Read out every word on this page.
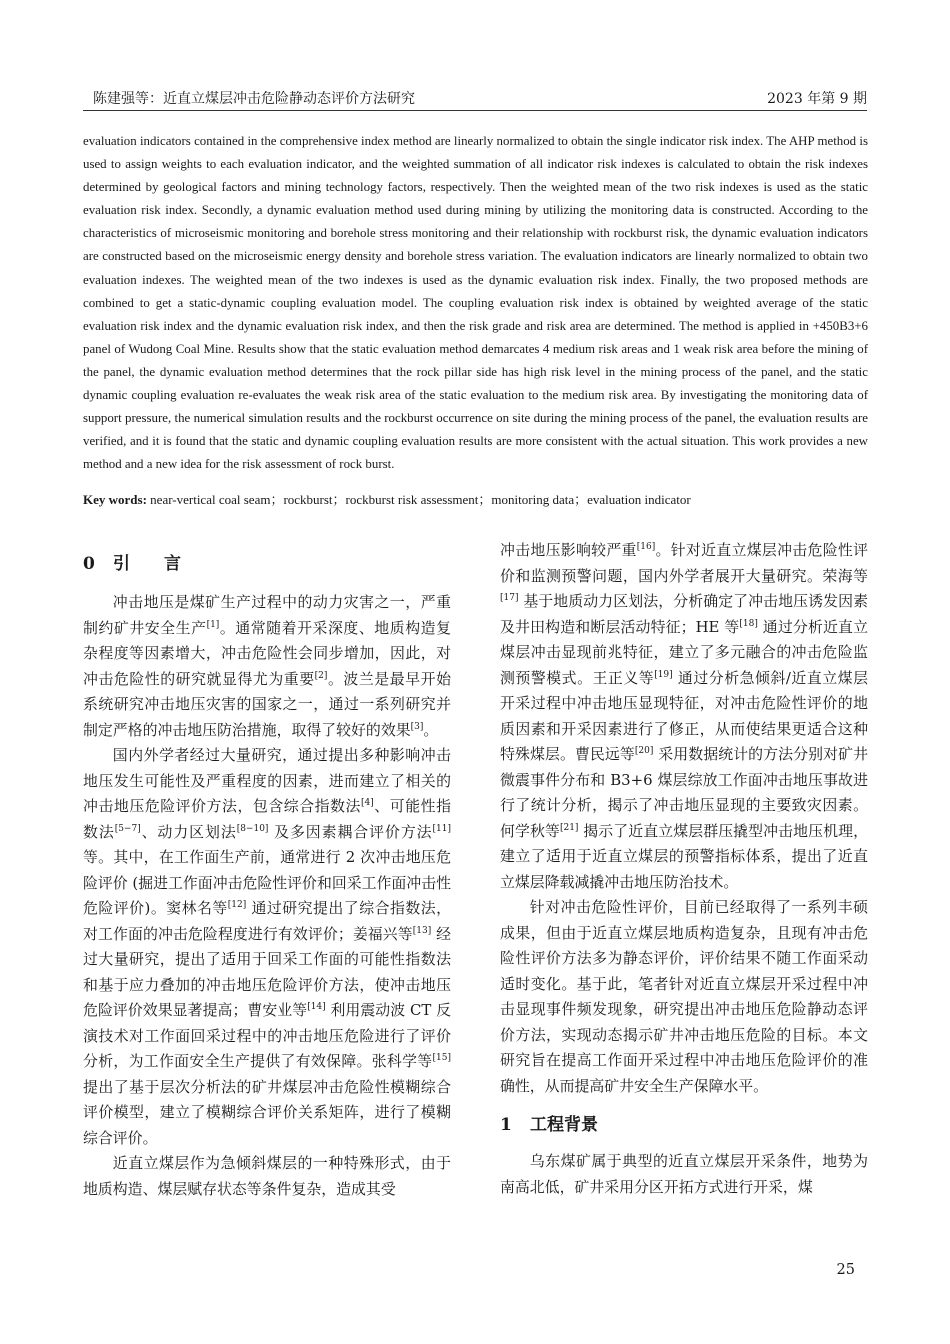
陈建强等：近直立煤层冲击危险静动态评价方法研究	2023 年第 9 期

evaluation indicators contained in the comprehensive index method are linearly normalized to obtain the single indicator risk index. The AHP method is used to assign weights to each evaluation indicator, and the weighted summation of all indicator risk indexes is calculated to obtain the risk indexes determined by geological factors and mining technology factors, respectively. Then the weighted mean of the two risk indexes is used as the static evaluation risk index. Secondly, a dynamic evaluation method used during mining by utilizing the monitoring data is constructed. According to the characteristics of microseismic monitoring and borehole stress monitoring and their relationship with rockburst risk, the dynamic evaluation indicators are constructed based on the microseismic energy density and borehole stress variation. The evaluation indicators are linearly normalized to obtain two evaluation indexes. The weighted mean of the two indexes is used as the dynamic evaluation risk index. Finally, the two proposed methods are combined to get a static-dynamic coupling evaluation model. The coupling evaluation risk index is obtained by weighted average of the static evaluation risk index and the dynamic evaluation risk index, and then the risk grade and risk area are determined. The method is applied in +450B3+6 panel of Wudong Coal Mine. Results show that the static evaluation method demarcates 4 medium risk areas and 1 weak risk area before the mining of the panel, the dynamic evaluation method determines that the rock pillar side has high risk level in the mining process of the panel, and the static dynamic coupling evaluation re-evaluates the weak risk area of the static evaluation to the medium risk area. By investigating the monitoring data of support pressure, the numerical simulation results and the rockburst occurrence on site during the mining process of the panel, the evaluation results are verified, and it is found that the static and dynamic coupling evaluation results are more consistent with the actual situation. This work provides a new method and a new idea for the risk assessment of rock burst.

Key words: near-vertical coal seam；rockburst；rockburst risk assessment；monitoring data；evaluation indicator

0 引　　言

冲击地压是煤矿生产过程中的动力灾害之一，严重制约矿井安全生产[1]。通常随着开采深度、地质构造复杂程度等因素增大，冲击危险性会同步增加，因此，对冲击危险性的研究就显得尤为重要[2]。波兰是最早开始系统研究冲击地压灾害的国家之一，通过一系列研究并制定严格的冲击地压防治措施，取得了较好的效果[3]。

国内外学者经过大量研究，通过提出多种影响冲击地压发生可能性及严重程度的因素，进而建立了相关的冲击地压危险评价方法，包含综合指数法[4]、可能性指数法[5−7]、动力区划法[8−10] 及多因素耦合评价方法[11] 等。其中，在工作面生产前，通常进行 2 次冲击地压危险评价 (掘进工作面冲击危险性评价和回采工作面冲击性危险评价)。窦林名等[12] 通过研究提出了综合指数法，对工作面的冲击危险程度进行有效评价；姜福兴等[13] 经过大量研究，提出了适用于回采工作面的可能性指数法和基于应力叠加的冲击地压危险评价方法，使冲击地压危险评价效果显著提高；曹安业等[14] 利用震动波 CT 反演技术对工作面回采过程中的冲击地压危险进行了评价分析，为工作面安全生产提供了有效保障。张科学等[15] 提出了基于层次分析法的矿井煤层冲击危险性模糊综合评价模型，建立了模糊综合评价关系矩阵，进行了模糊综合评价。

近直立煤层作为急倾斜煤层的一种特殊形式，由于地质构造、煤层赋存状态等条件复杂，造成其受

冲击地压影响较严重[16]。针对近直立煤层冲击危险性评价和监测预警问题，国内外学者展开大量研究。荣海等[17] 基于地质动力区划法，分析确定了冲击地压诱发因素及井田构造和断层活动特征；HE 等[18] 通过分析近直立煤层冲击显现前兆特征，建立了多元融合的冲击危险监测预警模式。王正义等[19] 通过分析急倾斜/近直立煤层开采过程中冲击地压显现特征，对冲击危险性评价的地质因素和开采因素进行了修正，从而使结果更适合这种特殊煤层。曹民远等[20] 采用数据统计的方法分别对矿井微震事件分布和 B3+6 煤层综放工作面冲击地压事故进行了统计分析，揭示了冲击地压显现的主要致灾因素。何学秋等[21] 揭示了近直立煤层群压撬型冲击地压机理，建立了适用于近直立煤层的预警指标体系，提出了近直立煤层降载减撬冲击地压防治技术。

针对冲击危险性评价，目前已经取得了一系列丰硕成果，但由于近直立煤层地质构造复杂，且现有冲击危险性评价方法多为静态评价，评价结果不随工作面采动适时变化。基于此，笔者针对近直立煤层开采过程中冲击显现事件频发现象，研究提出冲击地压危险静动态评价方法，实现动态揭示矿井冲击地压危险的目标。本文研究旨在提高工作面开采过程中冲击地压危险评价的准确性，从而提高矿井安全生产保障水平。

1 工程背景

乌东煤矿属于典型的近直立煤层开采条件，地势为南高北低，矿井采用分区开拓方式进行开采，煤

25
